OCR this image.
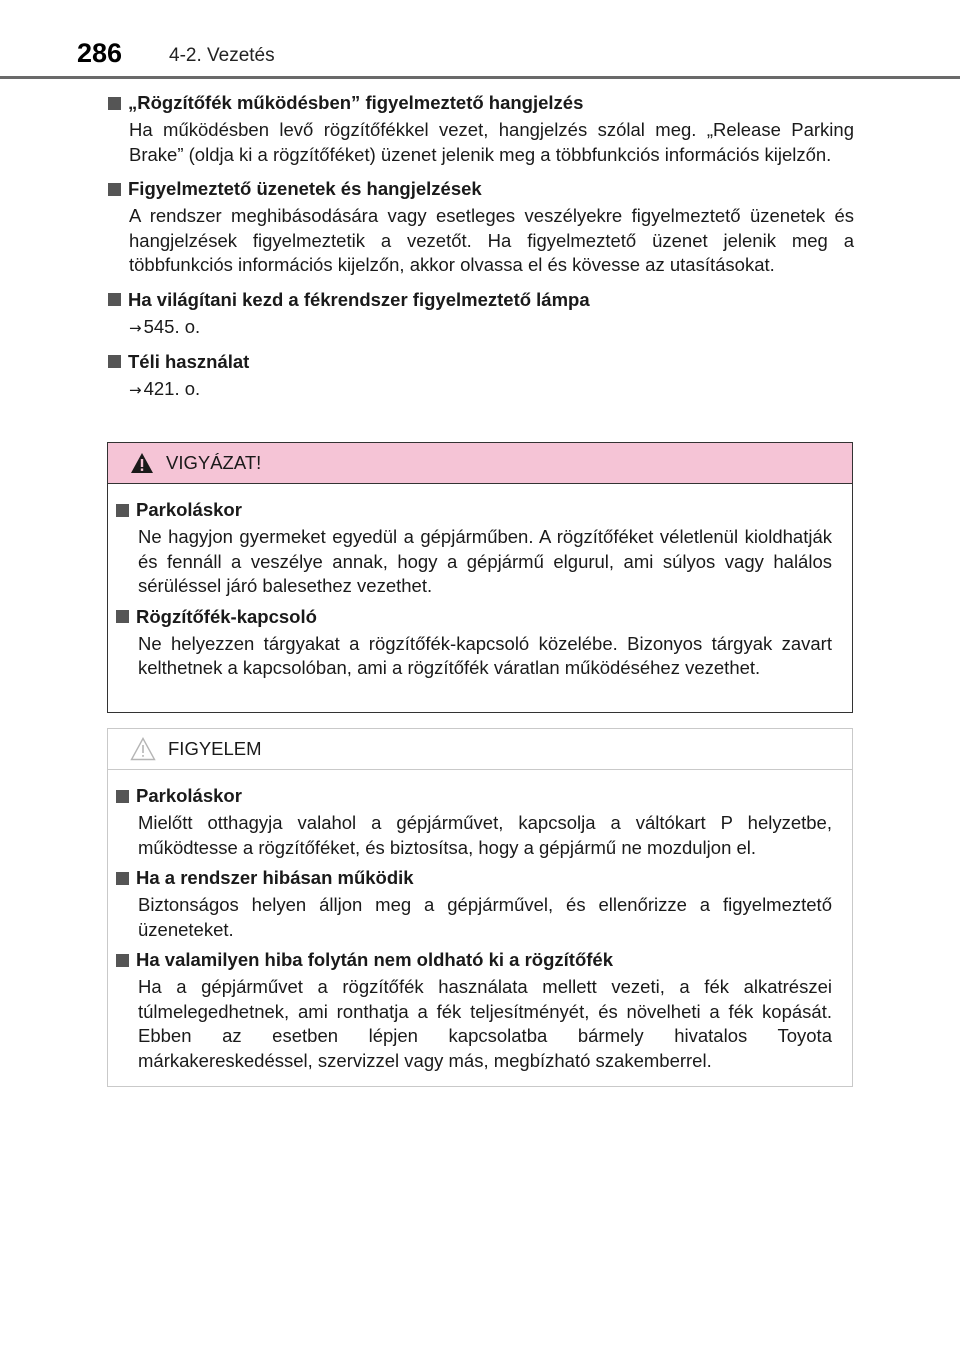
286 4-2. Vezetés
„Rögzítőfék működésben” figyelmeztető hangjelzés
Ha működésben levő rögzítőfékkel vezet, hangjelzés szólal meg. „Release Parking Brake” (oldja ki a rögzítőféket) üzenet jelenik meg a többfunkciós információs kijelzőn.
Figyelmeztető üzenetek és hangjelzések
A rendszer meghibásodására vagy esetleges veszélyekre figyelmeztető üzenetek és hangjelzések figyelmeztetik a vezetőt. Ha figyelmeztető üzenet jelenik meg a többfunkciós információs kijelzőn, akkor olvassa el és kövesse az utasításokat.
Ha világítani kezd a fékrendszer figyelmeztető lámpa
→ 545. o.
Téli használat
→ 421. o.
VIGYÁZAT!
Parkoláskor
Ne hagyjon gyermeket egyedül a gépjárműben. A rögzítőféket véletlenül kioldhatják és fennáll a veszélye annak, hogy a gépjármű elgurul, ami súlyos vagy halálos sérüléssel járó balesethez vezethet.
Rögzítőfék-kapcsoló
Ne helyezzen tárgyakat a rögzítőfék-kapcsoló közelébe. Bizonyos tárgyak zavart kelthetnek a kapcsolóban, ami a rögzítőfék váratlan működéséhez vezethet.
FIGYELEM
Parkoláskor
Mielőtt otthagyja valahol a gépjárművet, kapcsolja a váltókart P helyzetbe, működtesse a rögzítőféket, és biztosítsa, hogy a gépjármű ne mozduljon el.
Ha a rendszer hibásan működik
Biztonságos helyen álljon meg a gépjárművel, és ellenőrizze a figyelmeztető üzeneteket.
Ha valamilyen hiba folytán nem oldható ki a rögzítőfék
Ha a gépjárművet a rögzítőfék használata mellett vezeti, a fék alkatrészei túlmelegedhetnek, ami ronthatja a fék teljesítményét, és növelheti a fék kopását. Ebben az esetben lépjen kapcsolatba bármely hivatalos Toyota márkakereskedéssel, szervizzel vagy más, megbízható szakemberrel.
